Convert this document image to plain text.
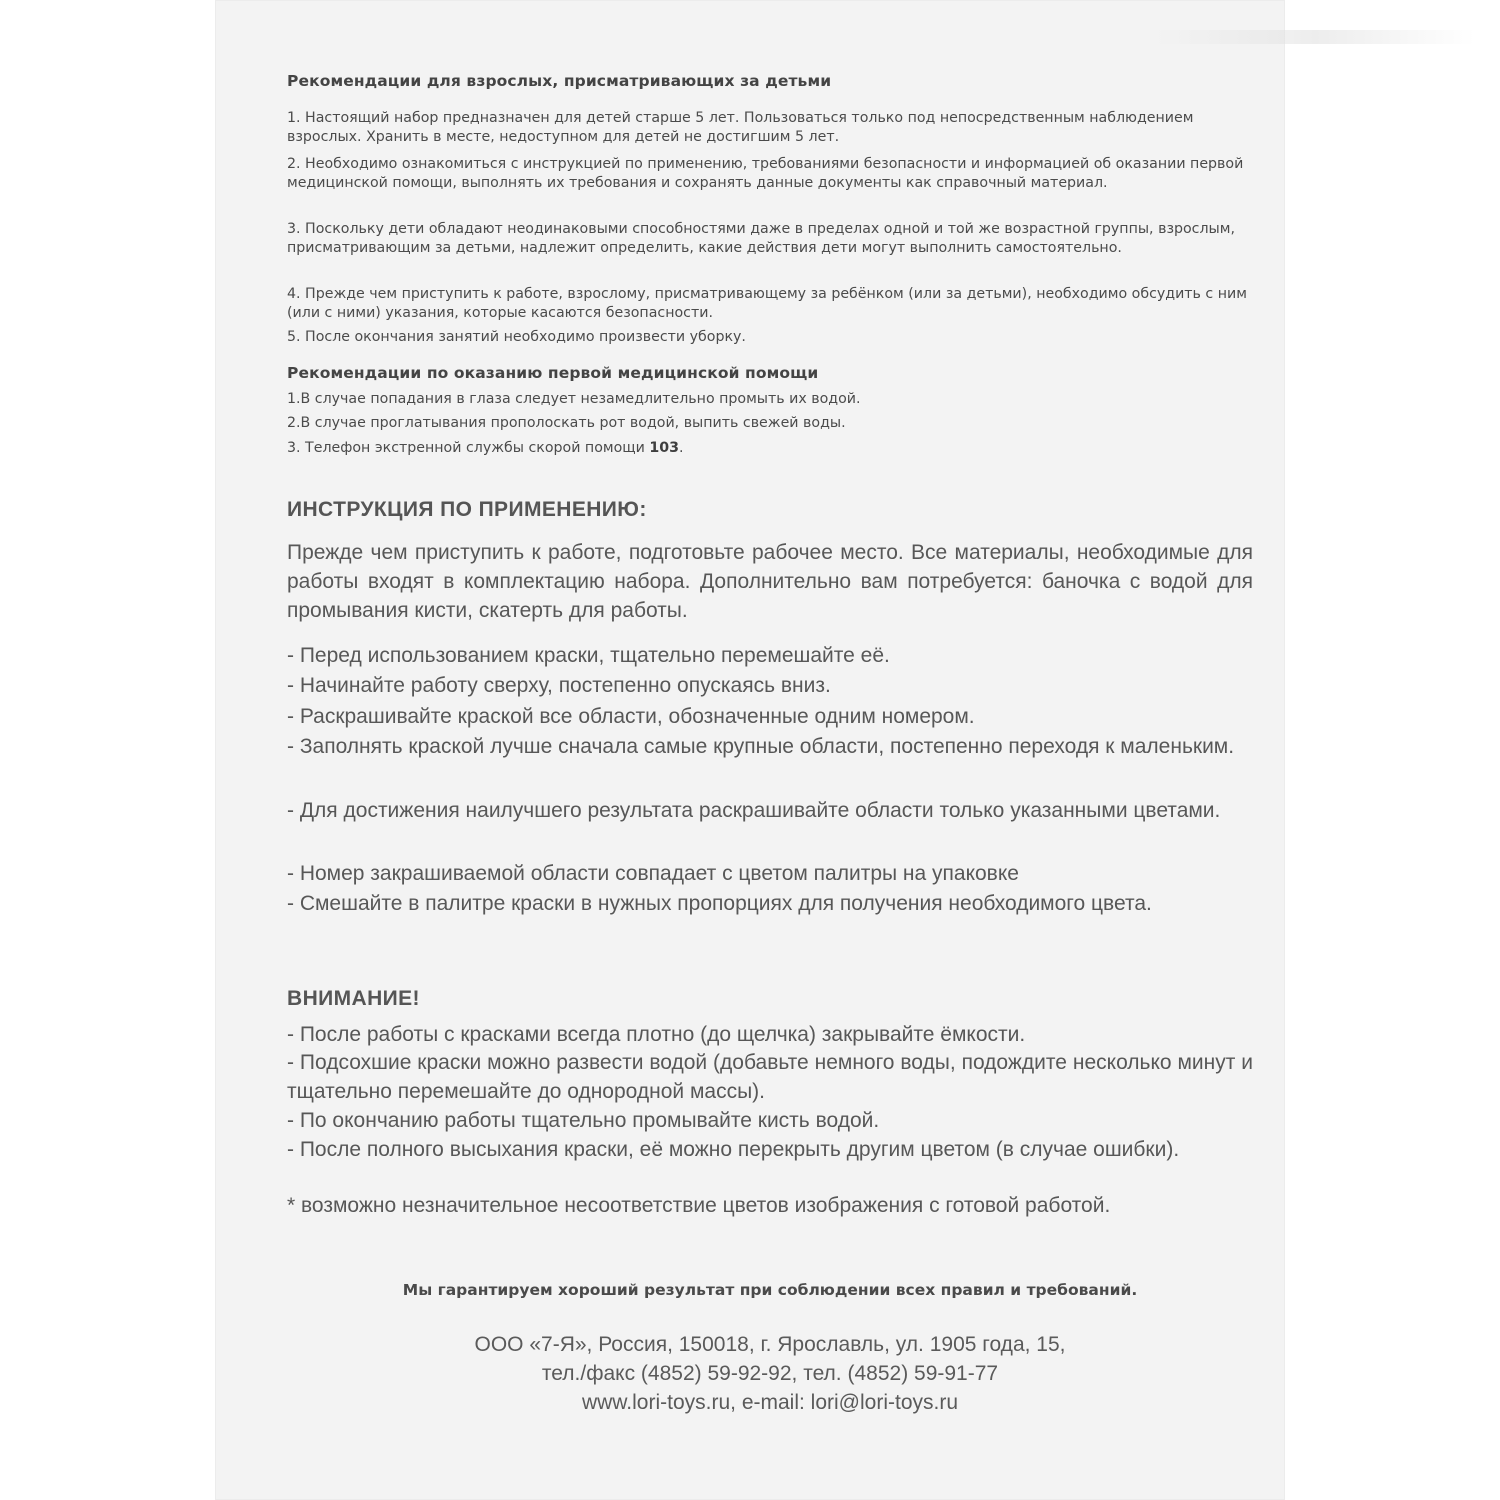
Рекомендации для взрослых, присматривающих за детьми
1. Настоящий набор предназначен для детей старше 5 лет. Пользоваться только под непосредственным наблюдением взрослых. Хранить в месте, недоступном для детей не достигшим 5 лет.
2. Необходимо ознакомиться с инструкцией по применению, требованиями безопасности и информацией об оказании первой медицинской помощи, выполнять их требования и сохранять данные документы как справочный материал.
3. Поскольку дети обладают неодинаковыми способностями даже в пределах одной и той же возрастной группы, взрослым, присматривающим за детьми, надлежит определить, какие действия дети могут выполнить самостоятельно.
4. Прежде чем приступить к работе, взрослому, присматривающему за ребёнком (или за детьми), необходимо обсудить с ним (или с ними) указания, которые касаются безопасности.
5. После окончания занятий необходимо произвести уборку.
Рекомендации по оказанию первой медицинской помощи
1.В случае попадания в глаза следует незамедлительно промыть их водой.
2.В случае проглатывания прополоскать рот водой, выпить свежей воды.
3. Телефон экстренной службы скорой помощи 103.
ИНСТРУКЦИЯ ПО ПРИМЕНЕНИЮ:
Прежде чем приступить к работе, подготовьте рабочее место. Все материалы, необходимые для работы входят в комплектацию набора. Дополнительно вам потребуется: баночка с водой для промывания кисти, скатерть для работы.
- Перед использованием краски, тщательно перемешайте её.
- Начинайте работу сверху, постепенно опускаясь вниз.
- Раскрашивайте краской все области, обозначенные одним номером.
- Заполнять краской лучше сначала самые крупные области, постепенно переходя к маленьким.
- Для достижения наилучшего результата раскрашивайте области только указанными цветами.
- Номер закрашиваемой области совпадает с цветом палитры на упаковке
- Смешайте в палитре краски в нужных пропорциях для получения необходимого цвета.
ВНИМАНИЕ!
- После работы с красками всегда плотно (до щелчка) закрывайте ёмкости.
- Подсохшие краски можно развести водой (добавьте немного воды, подождите несколько минут и тщательно перемешайте до однородной массы).
- По окончанию работы тщательно промывайте кисть водой.
- После полного высыхания краски, её можно перекрыть другим цветом (в случае ошибки).
* возможно незначительное несоответствие цветов изображения с готовой работой.
Мы гарантируем хороший результат при соблюдении всех правил и требований.
ООО «7-Я», Россия, 150018, г. Ярославль, ул. 1905 года, 15,
тел./факс (4852) 59-92-92, тел. (4852) 59-91-77
www.lori-toys.ru, e-mail: lori@lori-toys.ru
